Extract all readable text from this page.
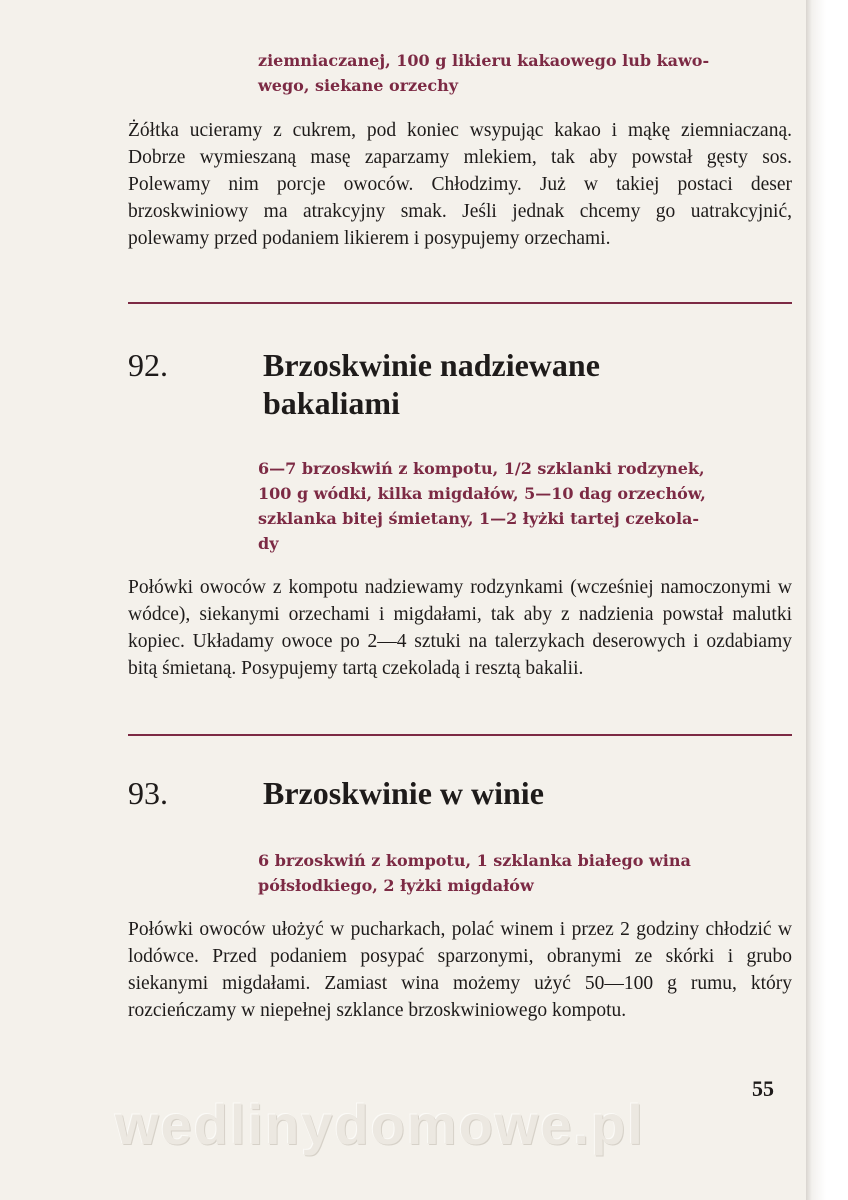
ziemniaczanej, 100 g likieru kakaowego lub kawo-
wego, siekane orzechy

Żółtka ucieramy z cukrem, pod koniec wsypując kakao i mąkę ziemniaczaną. Dobrze wymieszaną masę zaparzamy mlekiem, tak aby powstał gęsty sos. Polewamy nim porcje owoców. Chłodzimy. Już w takiej postaci deser brzoskwiniowy ma atrakcyjny smak. Jeśli jednak chcemy go uatrakcyjnić, polewamy przed podaniem likierem i posypujemy orzechami.

92.	Brzoskwinie nadziewane
bakaliami

6—7 brzoskwiń z kompotu, 1/2 szklanki rodzynek,
100 g wódki, kilka migdałów, 5—10 dag orzechów,
szklanka bitej śmietany, 1—2 łyżki tartej czekola-
dy

Połówki owoców z kompotu nadziewamy rodzynkami (wcześniej namoczonymi w wódce), siekanymi orzechami i migdałami, tak aby z nadzienia powstał malutki kopiec. Układamy owoce po 2—4 sztuki na talerzykach deserowych i ozdabiamy bitą śmietaną. Posypujemy tartą czekoladą i resztą bakalii.

93.	Brzoskwinie w winie

6 brzoskwiń z kompotu, 1 szklanka białego wina
półsłodkiego, 2 łyżki migdałów

Połówki owoców ułożyć w pucharkach, polać winem i przez 2 godziny chłodzić w lodówce. Przed podaniem posypać sparzonymi, obranymi ze skórki i grubo siekanymi migdałami. Zamiast wina możemy użyć 50—100 g rumu, który rozcieńczamy w niepełnej szklance brzoskwiniowego kompotu.

55

wedlinydomowe.pl
